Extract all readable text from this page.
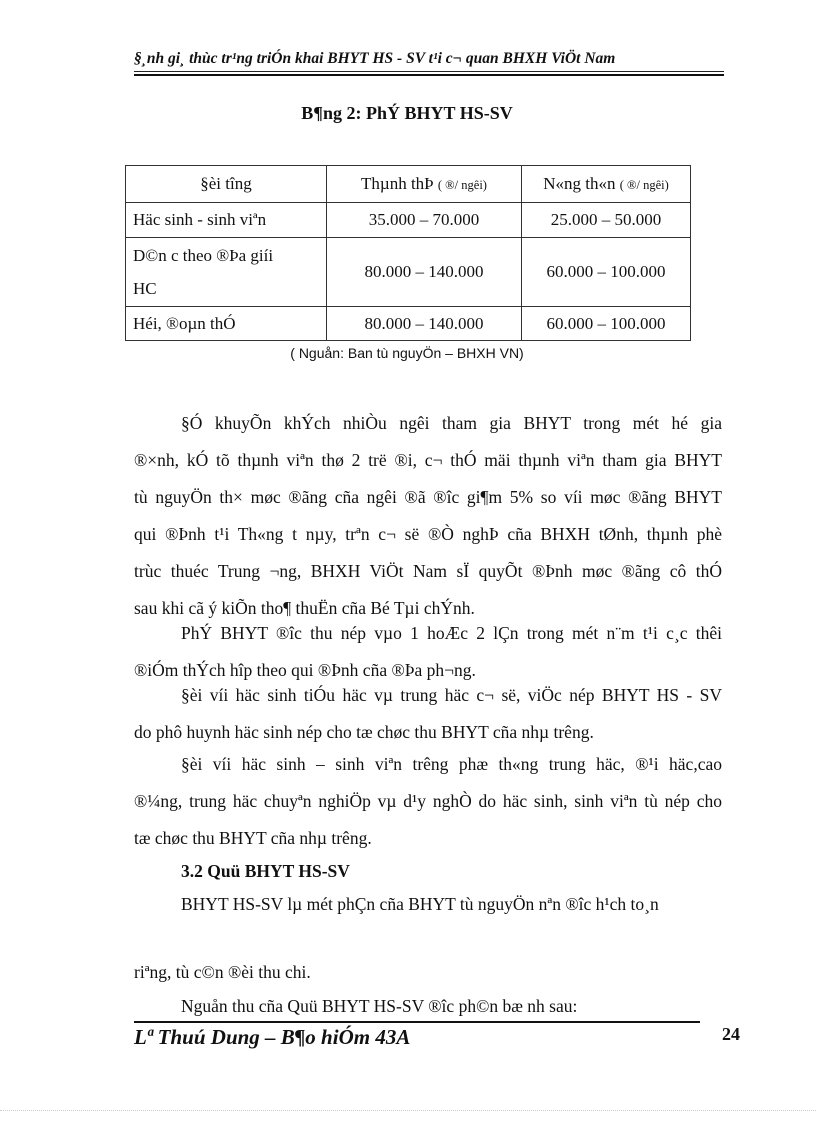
§¸nh gi¸ thùc tr¹ng triÓn khai BHYT HS - SV t¹i c¬ quan BHXH ViÖt Nam
B¶ng 2: PhÝ BHYT HS-SV
§èi tîng	Thµnh thÞ ( ®/ ngêi)	N«ng th«n ( ®/ ngêi)
Häc sinh - sinh viªn	35.000 – 70.000	25.000 – 50.000

D©n c theo ®Þa giíi
HC	80.000 – 140.000	60.000 – 100.000
Héi, ®oµn thÓ	80.000 – 140.000	60.000 – 100.000
( Nguån: Ban tù nguyÖn – BHXH VN)
§Ó khuyÕn khÝch nhiÒu ngêi tham gia BHYT trong mét hé gia
®×nh, kÓ tõ thµnh viªn thø 2 trë ®i, c¬ thÓ mäi thµnh viªn tham gia BHYT
tù nguyÖn th× møc ®ãng cña ngêi ®ã ®îc gi¶m 5% so víi møc ®ãng BHYT
qui ®Þnh t¹i Th«ng t nµy, trªn c¬ së ®Ò nghÞ cña BHXH tØnh, thµnh phè
trùc thuéc Trung ¬ng, BHXH ViÖt Nam sÏ quyÕt ®Þnh møc ®ãng cô thÓ
sau khi cã ý kiÕn tho¶ thuËn cña Bé Tµi chÝnh.
PhÝ BHYT ®îc thu nép vµo 1 hoÆc 2 lÇn trong mét n¨m t¹i c¸c thêi
®iÓm thÝch hîp theo qui ®Þnh cña ®Þa ph¬ng.
§èi víi häc sinh tiÓu häc vµ trung häc c¬ së, viÖc nép BHYT HS - SV
do phô huynh häc sinh nép cho tæ chøc thu BHYT cña nhµ trêng.
§èi víi häc sinh – sinh viªn trêng phæ th«ng trung häc, ®¹i häc,cao
®¼ng, trung häc chuyªn nghiÖp vµ d¹y nghÒ do häc sinh, sinh viªn tù nép cho
tæ chøc thu BHYT cña nhµ trêng.
3.2 Quü BHYT HS-SV
BHYT HS-SV lµ mét phÇn cña BHYT tù nguyÖn nªn ®îc h¹ch to¸n
riªng, tù c©n ®èi thu chi.
Nguån thu cña Quü BHYT HS-SV ®îc ph©n bæ nh sau:
Lª Thuú Dung – B¶o hiÓm 43A	24
